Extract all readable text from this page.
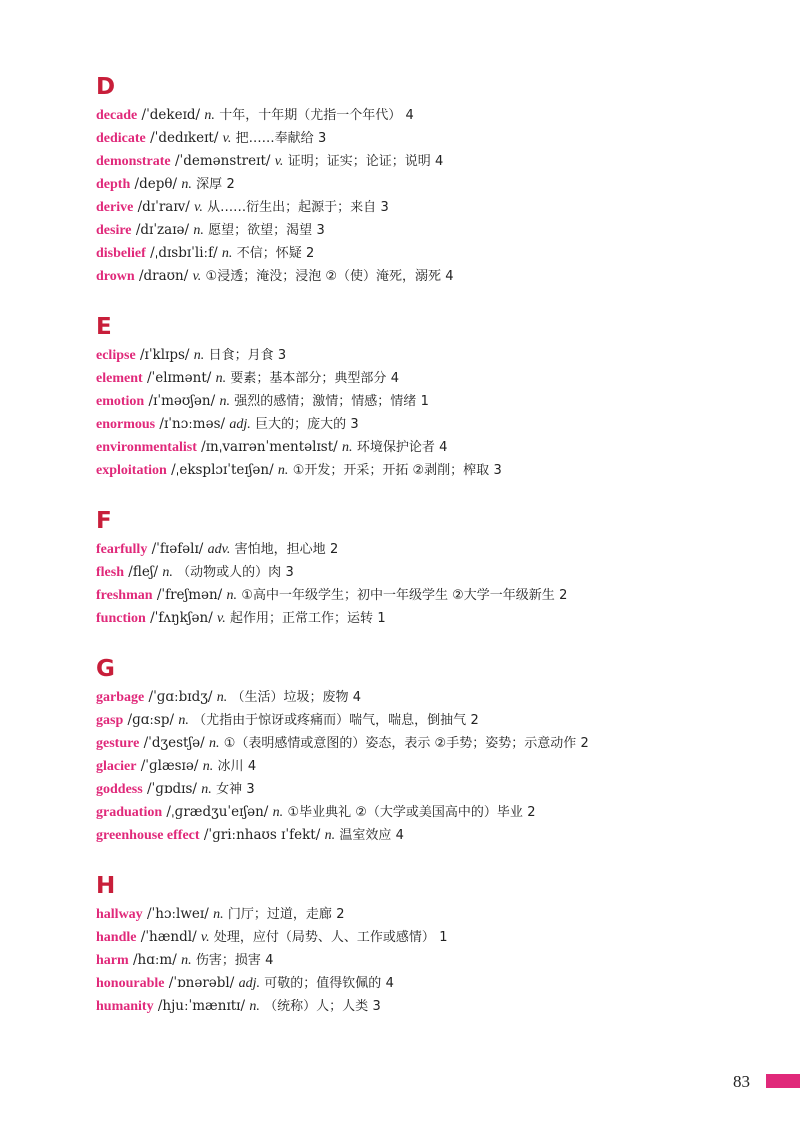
D
decade /ˈdekeɪd/ n. 十年，十年期（尤指一个年代） 4
dedicate /ˈdedɪkeɪt/ v. 把……奉献给 3
demonstrate /ˈdemənstreɪt/ v. 证明；证实；论证；说明 4
depth /depθ/ n. 深厚 2
derive /dɪˈraɪv/ v. 从……衍生出；起源于；来自 3
desire /dɪˈzaɪə/ n. 愿望；欲望；渴望 3
disbelief /ˌdɪsbɪˈliːf/ n. 不信；怀疑 2
drown /draʊn/ v. ①浸透；淹没；浸泡 ②（使）淹死，溺死 4
E
eclipse /ɪˈklɪps/ n. 日食；月食 3
element /ˈelɪmənt/ n. 要素；基本部分；典型部分 4
emotion /ɪˈməʊʃən/ n. 强烈的感情；激情；情感；情绪 1
enormous /ɪˈnɔːməs/ adj. 巨大的；庞大的 3
environmentalist /ɪnˌvaɪrənˈmentəlɪst/ n. 环境保护论者 4
exploitation /ˌeksplɔɪˈteɪʃən/ n. ①开发；开采；开拓 ②剥削；榨取 3
F
fearfully /ˈfɪəfəlɪ/ adv. 害怕地，担心地 2
flesh /fleʃ/ n. （动物或人的）肉 3
freshman /ˈfreʃmən/ n. ①高中一年级学生；初中一年级学生 ②大学一年级新生 2
function /ˈfʌŋkʃən/ v. 起作用；正常工作；运转 1
G
garbage /ˈɡɑːbɪdʒ/ n. （生活）垃圾；废物 4
gasp /ɡɑːsp/ n. （尤指由于惊讶或疼痛而）喘气，喘息，倒抽气 2
gesture /ˈdʒestʃə/ n. ①（表明感情或意图的）姿态，表示 ②手势；姿势；示意动作 2
glacier /ˈɡlæsɪə/ n. 冰川 4
goddess /ˈɡɒdɪs/ n. 女神 3
graduation /ˌɡrædʒuˈeɪʃən/ n. ①毕业典礼 ②（大学或美国高中的）毕业 2
greenhouse effect /ˈɡriːnhaʊs ɪˈfekt/ n. 温室效应 4
H
hallway /ˈhɔːlweɪ/ n. 门厅；过道，走廊 2
handle /ˈhændl/ v. 处理，应付（局势、人、工作或感情） 1
harm /hɑːm/ n. 伤害；损害 4
honourable /ˈɒnərəbl/ adj. 可敬的；值得钦佩的 4
humanity /hjuːˈmænɪtɪ/ n. （统称）人；人类 3
83
